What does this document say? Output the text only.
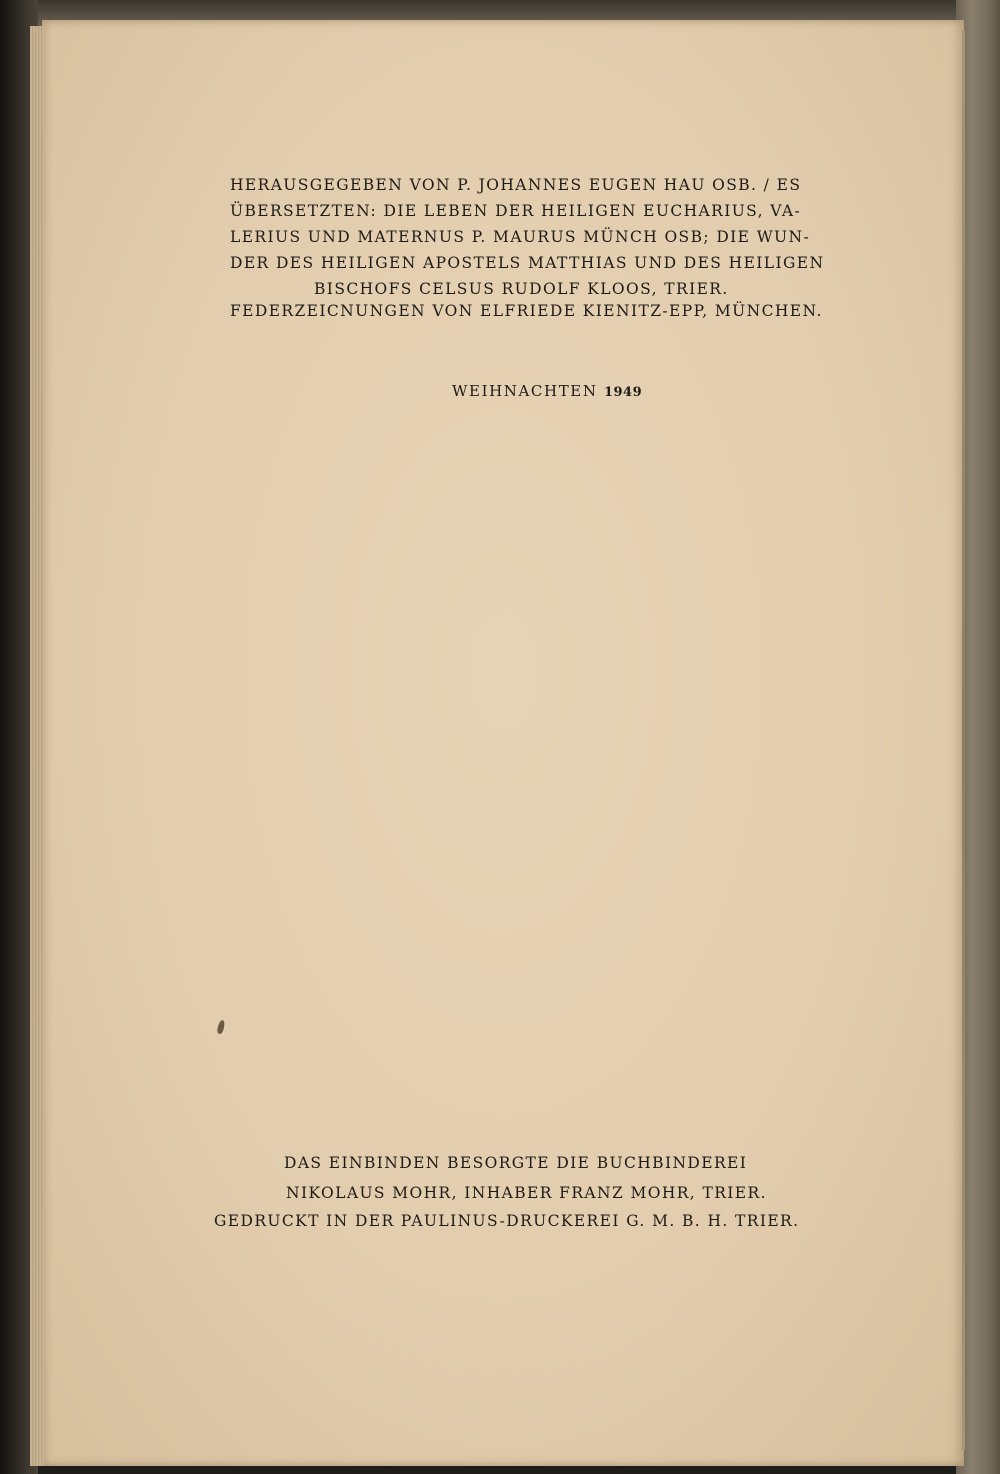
HERAUSGEGEBEN VON P. JOHANNES EUGEN HAU OSB. / ES
ÜBERSETZTEN: DIE LEBEN DER HEILIGEN EUCHARIUS, VA-
LERIUS UND MATERNUS P. MAURUS MÜNCH OSB; DIE WUN-
DER DES HEILIGEN APOSTELS MATTHIAS UND DES HEILIGEN
BISCHOFS CELSUS RUDOLF KLOOS, TRIER.
FEDERZEICNUNGEN VON ELFRIEDE KIENITZ-EPP, MÜNCHEN.
WEIHNACHTEN 1949
DAS EINBINDEN BESORGTE DIE BUCHBINDEREI
NIKOLAUS MOHR, INHABER FRANZ MOHR, TRIER.
GEDRUCKT IN DER PAULINUS-DRUCKEREI G. M. B. H. TRIER.
